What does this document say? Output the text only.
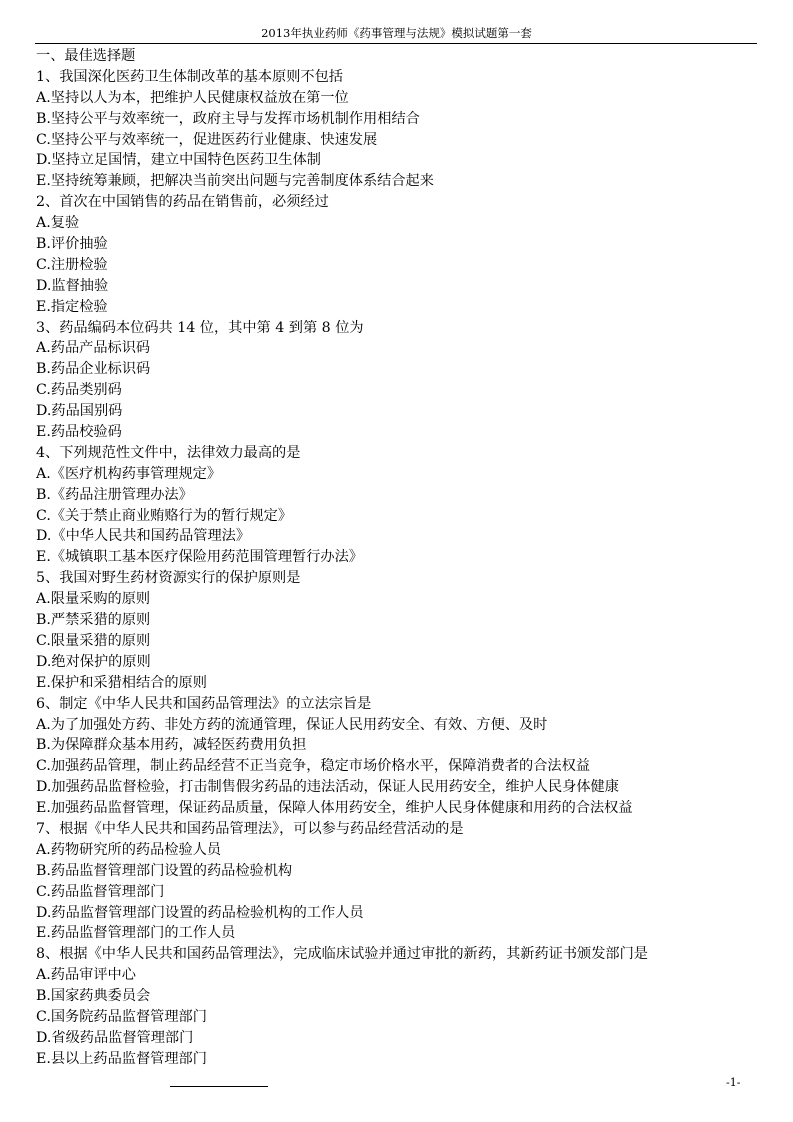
2013年执业药师《药事管理与法规》模拟试题第一套
一、最佳选择题
1、我国深化医药卫生体制改革的基本原则不包括
A.坚持以人为本，把维护人民健康权益放在第一位
B.坚持公平与效率统一，政府主导与发挥市场机制作用相结合
C.坚持公平与效率统一，促进医药行业健康、快速发展
D.坚持立足国情，建立中国特色医药卫生体制
E.坚持统筹兼顾，把解决当前突出问题与完善制度体系结合起来
2、首次在中国销售的药品在销售前，必须经过
A.复验
B.评价抽验
C.注册检验
D.监督抽验
E.指定检验
3、药品编码本位码共 14 位，其中第 4 到第 8 位为
A.药品产品标识码
B.药品企业标识码
C.药品类别码
D.药品国别码
E.药品校验码
4、下列规范性文件中，法律效力最高的是
A.《医疗机构药事管理规定》
B.《药品注册管理办法》
C.《关于禁止商业贿赂行为的暂行规定》
D.《中华人民共和国药品管理法》
E.《城镇职工基本医疗保险用药范围管理暂行办法》
5、我国对野生药材资源实行的保护原则是
A.限量采购的原则
B.严禁采猎的原则
C.限量采猎的原则
D.绝对保护的原则
E.保护和采猎相结合的原则
6、制定《中华人民共和国药品管理法》的立法宗旨是
A.为了加强处方药、非处方药的流通管理，保证人民用药安全、有效、方便、及时
B.为保障群众基本用药，减轻医药费用负担
C.加强药品管理，制止药品经营不正当竞争，稳定市场价格水平，保障消费者的合法权益
D.加强药品监督检验，打击制售假劣药品的违法活动，保证人民用药安全，维护人民身体健康
E.加强药品监督管理，保证药品质量，保障人体用药安全，维护人民身体健康和用药的合法权益
7、根据《中华人民共和国药品管理法》，可以参与药品经营活动的是
A.药物研究所的药品检验人员
B.药品监督管理部门设置的药品检验机构
C.药品监督管理部门
D.药品监督管理部门设置的药品检验机构的工作人员
E.药品监督管理部门的工作人员
8、根据《中华人民共和国药品管理法》，完成临床试验并通过审批的新药，其新药证书颁发部门是
A.药品审评中心
B.国家药典委员会
C.国务院药品监督管理部门
D.省级药品监督管理部门
E.县以上药品监督管理部门
-1-
